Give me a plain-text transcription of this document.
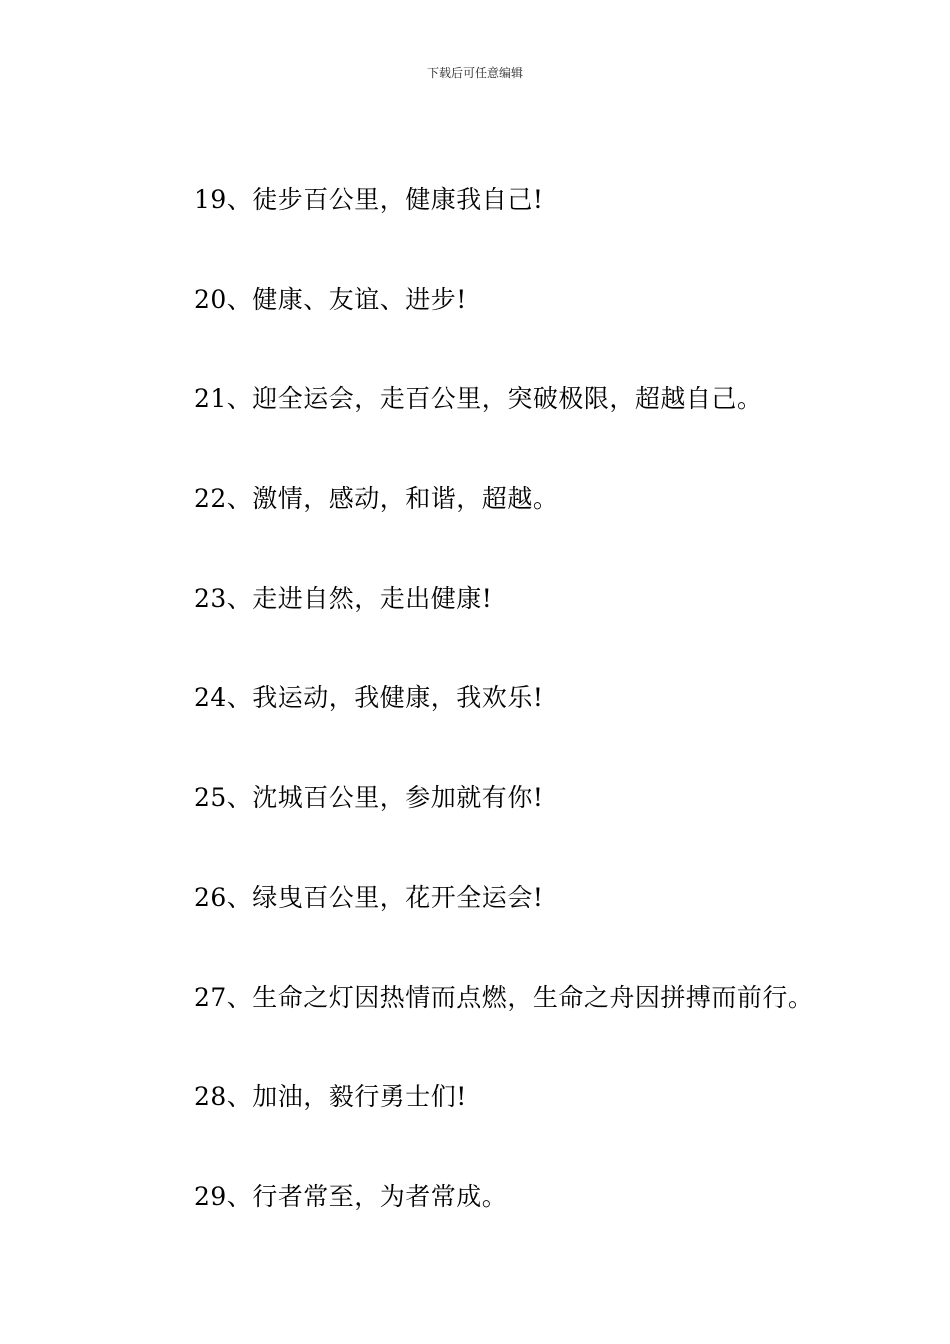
下载后可任意编辑
19、徒步百公里，健康我自己!
20、健康、友谊、进步!
21、迎全运会，走百公里，突破极限，超越自己。
22、激情，感动，和谐，超越。
23、走进自然，走出健康!
24、我运动，我健康，我欢乐!
25、沈城百公里，参加就有你!
26、绿曳百公里，花开全运会!
27、生命之灯因热情而点燃，生命之舟因拼搏而前行。
28、加油，毅行勇士们!
29、行者常至，为者常成。
